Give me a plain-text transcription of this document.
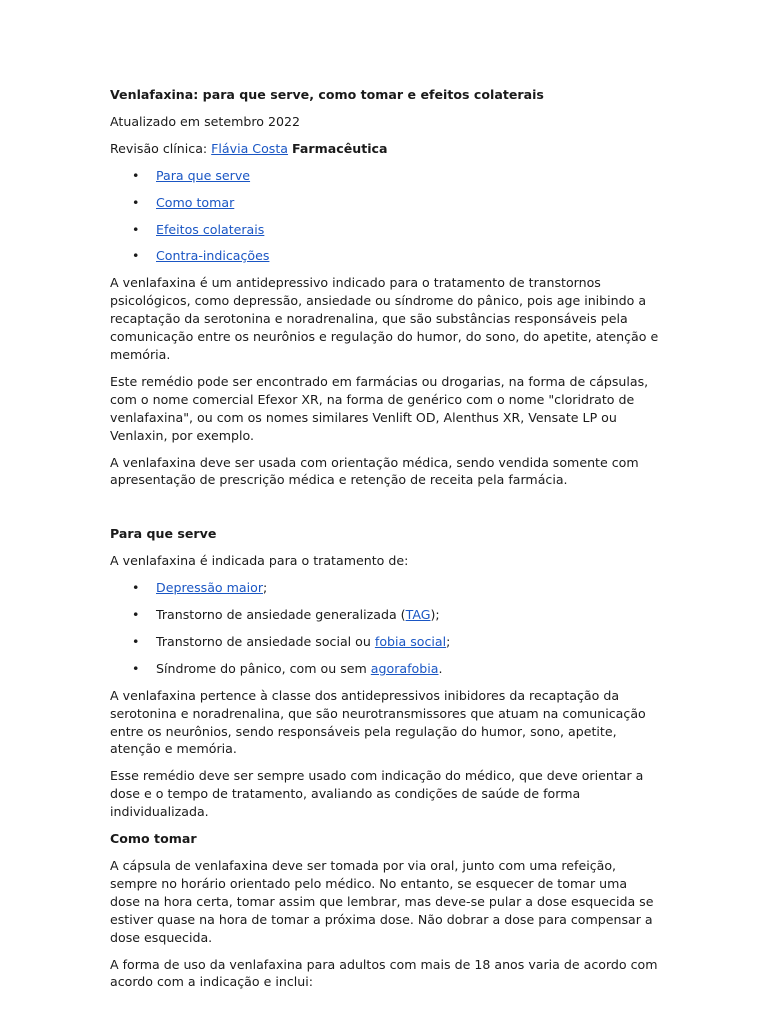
Venlafaxina: para que serve, como tomar e efeitos colaterais

Atualizado em setembro 2022

Revisão clínica: Flávia Costa Farmacêutica

• Para que serve
• Como tomar
• Efeitos colaterais
• Contra-indicações

A venlafaxina é um antidepressivo indicado para o tratamento de transtornos psicológicos, como depressão, ansiedade ou síndrome do pânico, pois age inibindo a recaptação da serotonina e noradrenalina, que são substâncias responsáveis pela comunicação entre os neurônios e regulação do humor, do sono, do apetite, atenção e memória.

Este remédio pode ser encontrado em farmácias ou drogarias, na forma de cápsulas, com o nome comercial Efexor XR, na forma de genérico com o nome "cloridrato de venlafaxina", ou com os nomes similares Venlift OD, Alenthus XR, Vensate LP ou Venlaxin, por exemplo.

A venlafaxina deve ser usada com orientação médica, sendo vendida somente com apresentação de prescrição médica e retenção de receita pela farmácia.

Para que serve

A venlafaxina é indicada para o tratamento de:

• Depressão maior;
• Transtorno de ansiedade generalizada (TAG);
• Transtorno de ansiedade social ou fobia social;
• Síndrome do pânico, com ou sem agorafobia.

A venlafaxina pertence à classe dos antidepressivos inibidores da recaptação da serotonina e noradrenalina, que são neurotransmissores que atuam na comunicação entre os neurônios, sendo responsáveis pela regulação do humor, sono, apetite, atenção e memória.

Esse remédio deve ser sempre usado com indicação do médico, que deve orientar a dose e o tempo de tratamento, avaliando as condições de saúde de forma individualizada.

Como tomar

A cápsula de venlafaxina deve ser tomada por via oral, junto com uma refeição, sempre no horário orientado pelo médico. No entanto, se esquecer de tomar uma dose na hora certa, tomar assim que lembrar, mas deve-se pular a dose esquecida se estiver quase na hora de tomar a próxima dose. Não dobrar a dose para compensar a dose esquecida.

A forma de uso da venlafaxina para adultos com mais de 18 anos varia de acordo com acordo com a indicação e inclui:
